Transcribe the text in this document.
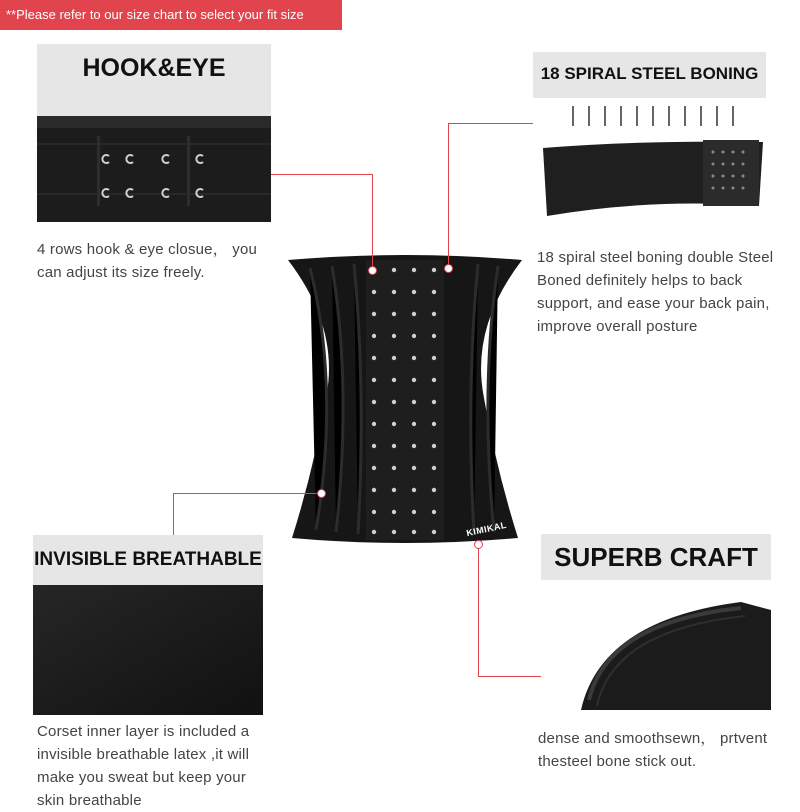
**Please refer to our size chart to select your fit size
HOOK&EYE
4 rows hook & eye closue， you
can adjust its size freely.
18 SPIRAL STEEL BONING
18 spiral steel boning double Steel
Boned definitely helps to back
support, and ease your back pain,
improve overall posture
INVISIBLE BREATHABLE
Corset inner layer is included a
invisible breathable latex ,it will
make you sweat but keep your
skin breathable
SUPERB CRAFT
dense and smoothsewn， prtvent
thesteel bone stick out.
KIMIKAL
